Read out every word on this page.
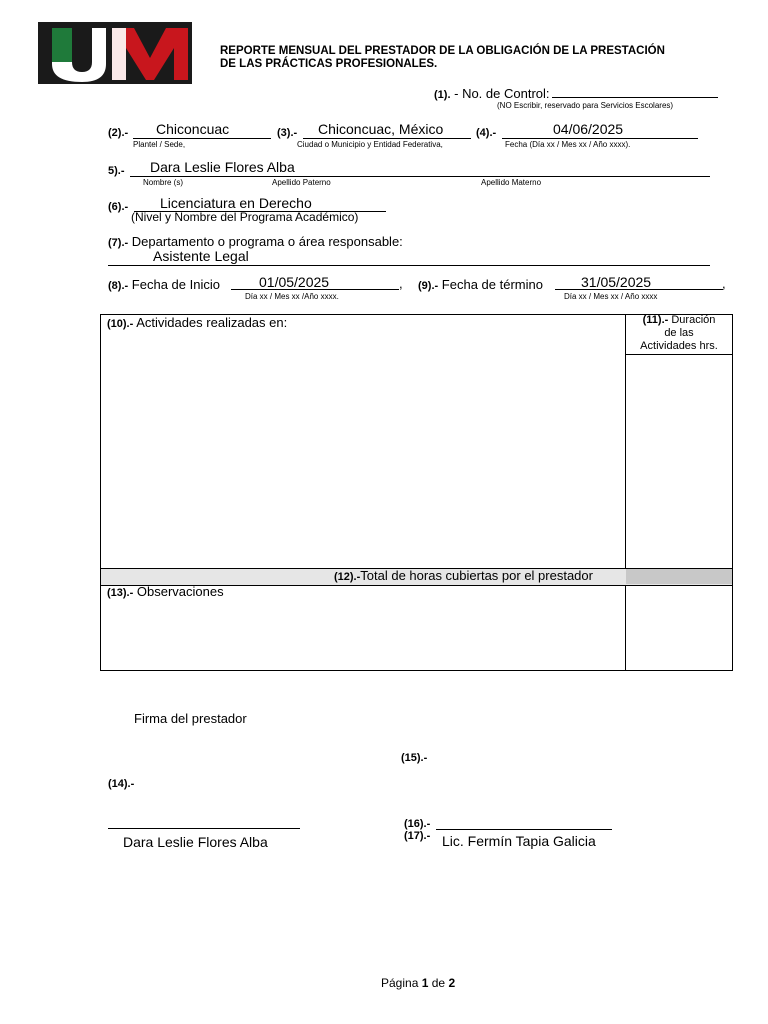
REPORTE MENSUAL DEL PRESTADOR DE LA OBLIGACIÓN DE LA PRESTACIÓN
DE LAS PRÁCTICAS PROFESIONALES.
(1). - No. de Control:
(NO Escribir, reservado para Servicios Escolares)
(2).- Chiconcuac
Plantel / Sede,
(3).- Chiconcuac, México
Ciudad o Municipio y Entidad Federativa,
(4).-	04/06/2025
Fecha (Día xx / Mes xx / Año xxxx).
5).- Dara Leslie Flores Alba
Nombre (s)	Apellido Paterno	Apellido Materno
(6).- Licenciatura en Derecho
(Nivel y Nombre del Programa Académico)
(7).- Departamento o programa o área responsable:
Asistente Legal
(8).- Fecha de Inicio	01/05/2025	,
Día xx / Mes xx /Año xxxx.
(9).- Fecha de término	31/05/2025	,
Día xx / Mes xx / Año xxxx
(10).- Actividades realizadas en:	(11).- Duración
de las
Actividades hrs.
(12).-Total de horas cubiertas por el prestador
(13).- Observaciones
Firma del prestador
(15).-
(14).-
(16).-
(17).-
Dara Leslie Flores Alba	Lic. Fermín Tapia Galicia
Página 1 de 2
